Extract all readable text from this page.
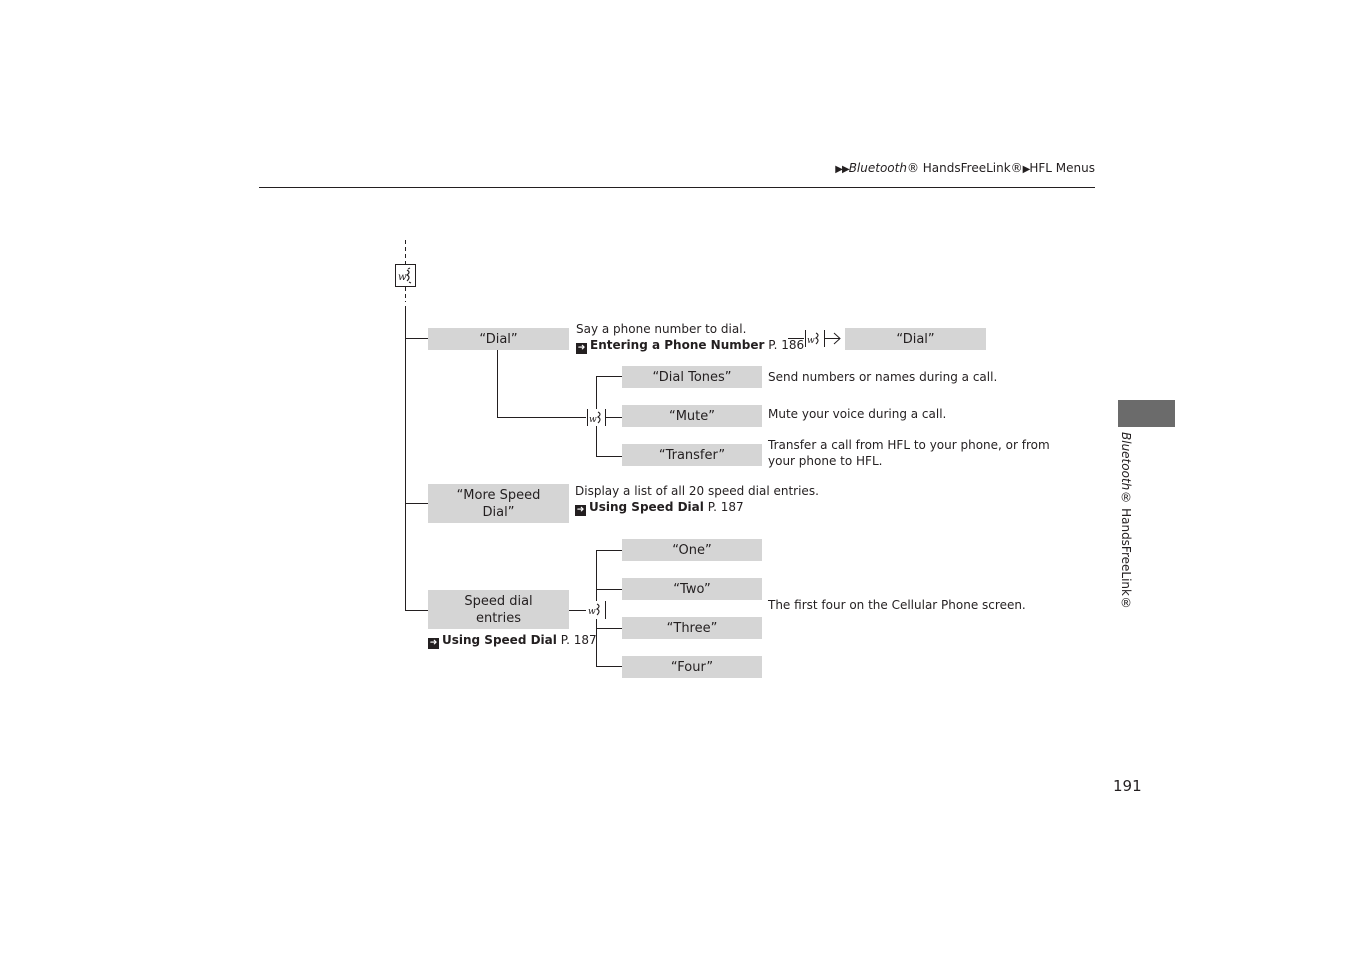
▶▶Bluetooth® HandsFreeLink®▶HFL Menus
w
w
w
w
“Dial”
Say a phone number to dial.
➜ Entering a Phone Number P. 186	“Dial”
“Dial Tones”	Send numbers or names during a call.
“Mute”	Mute your voice during a call.
“Transfer”
Transfer a call from HFL to your phone, or from your phone to HFL.
“More Speed Dial”
Display a list of all 20 speed dial entries.
➜ Using Speed Dial P. 187
Speed dial entries
➜ Using Speed Dial P. 187
“One”
“Two”
“Three”
“Four”
The first four on the Cellular Phone screen.
Bluetooth® HandsFreeLink®
191
